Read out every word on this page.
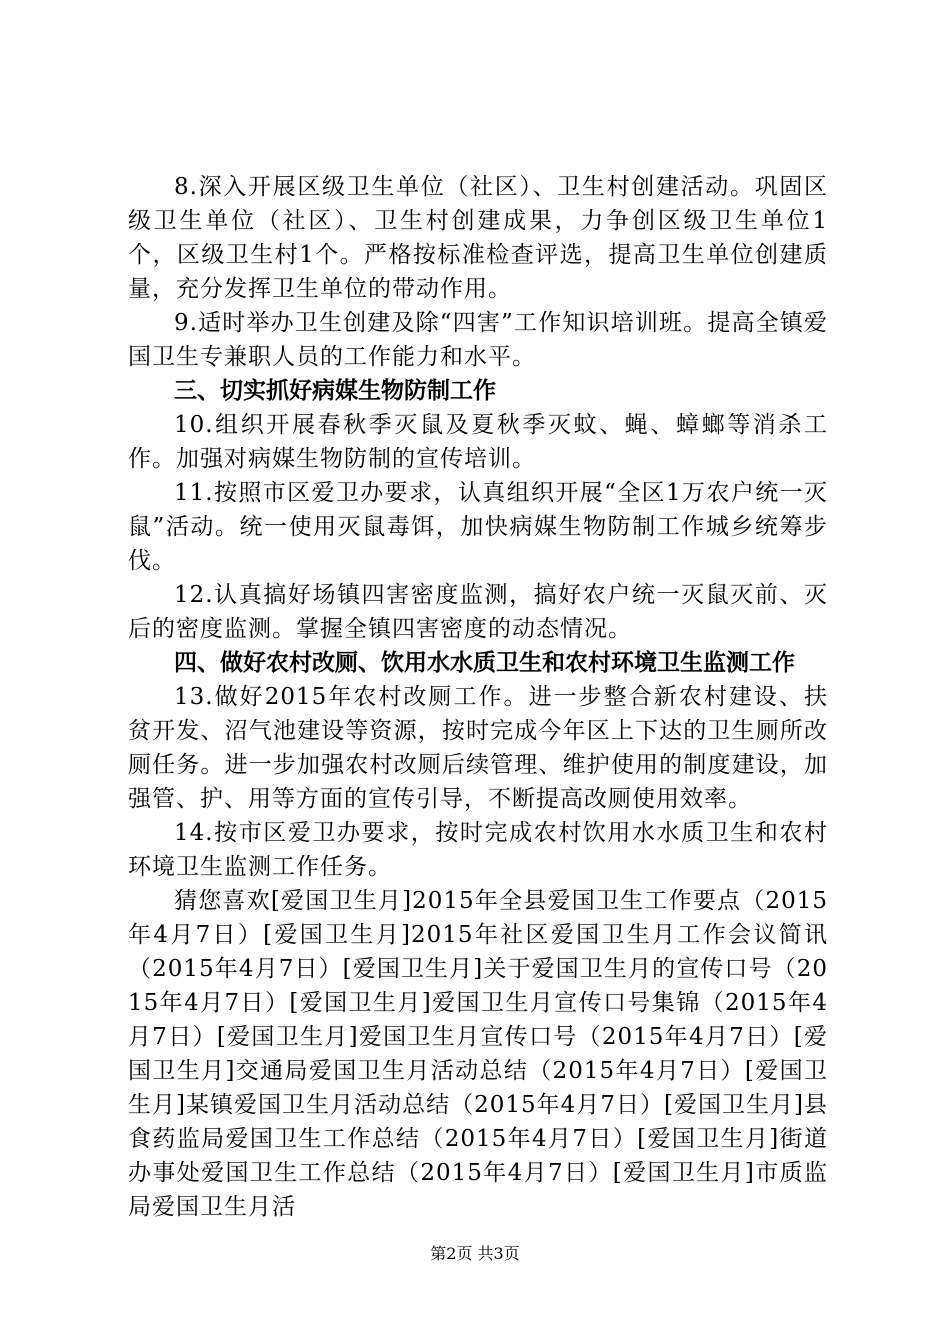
8.深入开展区级卫生单位（社区）、卫生村创建活动。巩固区级卫生单位（社区）、卫生村创建成果，力争创区级卫生单位1个，区级卫生村1个。严格按标准检查评选，提高卫生单位创建质量，充分发挥卫生单位的带动作用。

9.适时举办卫生创建及除“四害”工作知识培训班。提高全镇爱国卫生专兼职人员的工作能力和水平。

三、切实抓好病媒生物防制工作

10.组织开展春秋季灭鼠及夏秋季灭蚊、蝇、蟑螂等消杀工作。加强对病媒生物防制的宣传培训。

11.按照市区爱卫办要求，认真组织开展“全区1万农户统一灭鼠”活动。统一使用灭鼠毒饵，加快病媒生物防制工作城乡统筹步伐。

12.认真搞好场镇四害密度监测，搞好农户统一灭鼠灭前、灭后的密度监测。掌握全镇四害密度的动态情况。

四、做好农村改厕、饮用水水质卫生和农村环境卫生监测工作

13.做好2015年农村改厕工作。进一步整合新农村建设、扶贫开发、沼气池建设等资源，按时完成今年区上下达的卫生厕所改厕任务。进一步加强农村改厕后续管理、维护使用的制度建设，加强管、护、用等方面的宣传引导，不断提高改厕使用效率。

14.按市区爱卫办要求，按时完成农村饮用水水质卫生和农村环境卫生监测工作任务。

猜您喜欢[爱国卫生月]2015年全县爱国卫生工作要点（2015年4月7日）[爱国卫生月]2015年社区爱国卫生月工作会议简讯（2015年4月7日）[爱国卫生月]关于爱国卫生月的宣传口号（2015年4月7日）[爱国卫生月]爱国卫生月宣传口号集锦（2015年4月7日）[爱国卫生月]爱国卫生月宣传口号（2015年4月7日）[爱国卫生月]交通局爱国卫生月活动总结（2015年4月7日）[爱国卫生月]某镇爱国卫生月活动总结（2015年4月7日）[爱国卫生月]县食药监局爱国卫生工作总结（2015年4月7日）[爱国卫生月]街道办事处爱国卫生工作总结（2015年4月7日）[爱国卫生月]市质监局爱国卫生月活

第2页 共3页
